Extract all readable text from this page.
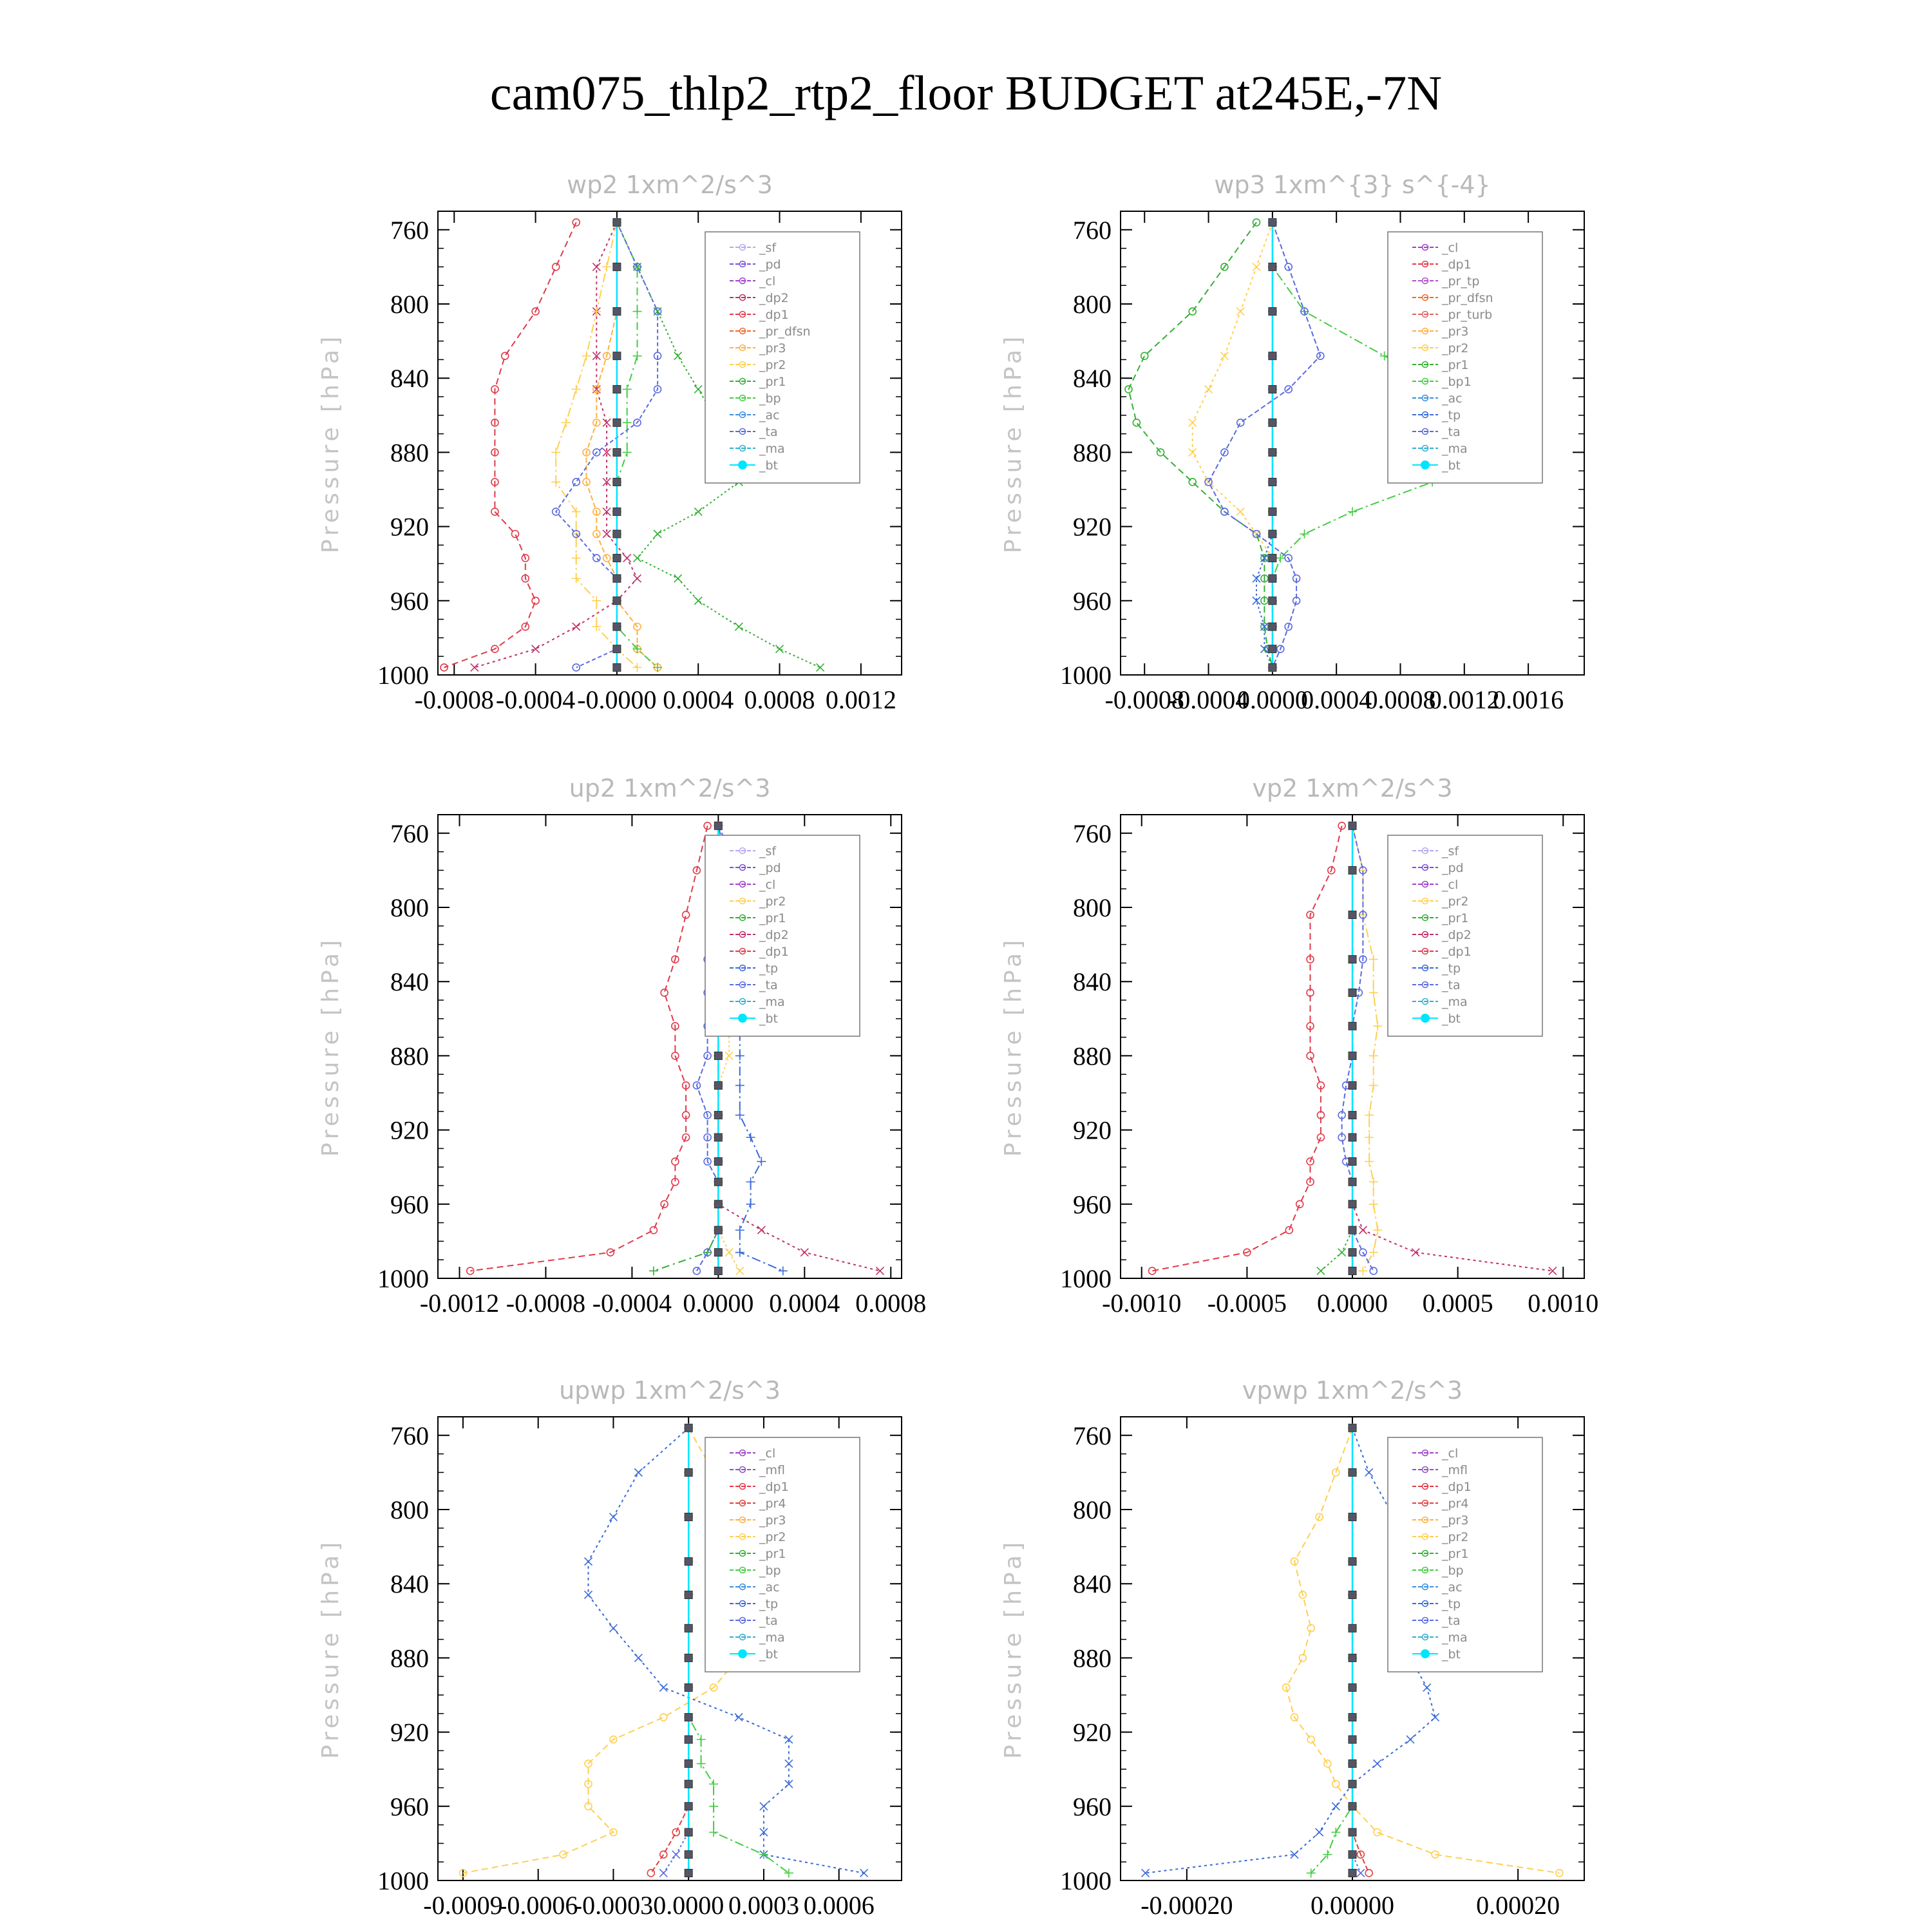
cam075_thlp2_rtp2_floor BUDGET at245E,-7N
wp2 1xm^2/s^3
Pressure [hPa]
760
800
840
880
920
960
1000
-0.0008 -0.0004 -0.0000 0.0004 0.0008 0.0012
_sf
_pd
_cl
_dp2
_dp1
_pr_dfsn
_pr3
_pr2
_pr1
_bp
_ac
_ta
_ma
_bt
wp3 1xm^{3} s^{-4}
Pressure [hPa]
760
800
840
880
920
960
1000
-0.0008
-0.0004
0.0000
0.0004
0.0008
0.0012
0.0016
_cl
_dp1
_pr_tp
_pr_dfsn
_pr_turb
_pr3
_pr2
_pr1
_bp1
_ac
_tp
_ta
_ma
_bt
up2 1xm^2/s^3
Pressure [hPa]
760
800
840
880
920
960
1000
-0.0012 -0.0008 -0.0004 0.0000 0.0004 0.0008
_sf
_pd
_cl
_pr2
_pr1
_dp2
_dp1
_tp
_ta
_ma
_bt
vp2 1xm^2/s^3
Pressure [hPa]
760
800
840
880
920
960
1000
-0.0010 -0.0005 0.0000 0.0005 0.0010
_sf
_pd
_cl
_pr2
_pr1
_dp2
_dp1
_tp
_ta
_ma
_bt
upwp 1xm^2/s^3
Pressure [hPa]
760
800
840
880
920
960
1000
-0.0009
-0.0006
-0.0003 0.0000 0.0003 0.0006
_cl
_mfl
_dp1
_pr4
_pr3
_pr2
_pr1
_bp
_ac
_tp
_ta
_ma
_bt
vpwp 1xm^2/s^3
Pressure [hPa]
760
800
840
880
920
960
1000
-0.00020	0.00000	0.00020
_cl
_mfl
_dp1
_pr4
_pr3
_pr2
_pr1
_bp
_ac
_tp
_ta
_ma
_bt
